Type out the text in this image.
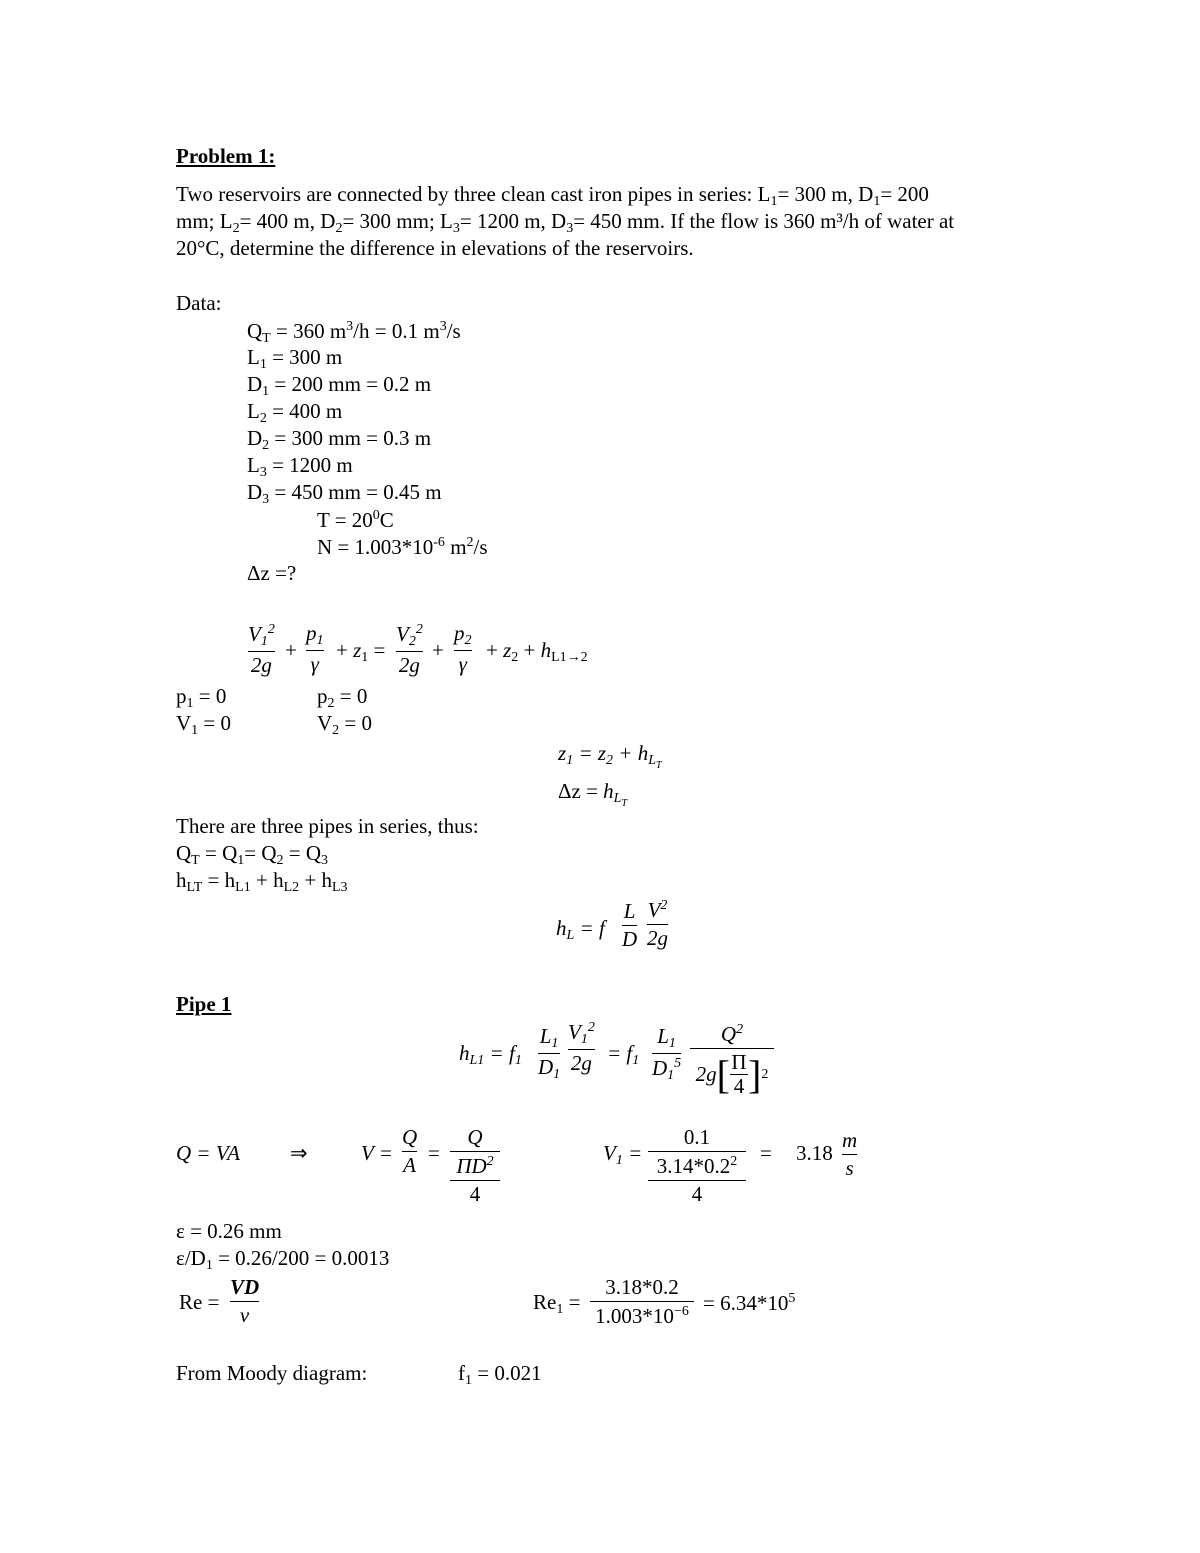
Problem 1:
Two reservoirs are connected by three clean cast iron pipes in series: $L_1= 300$ m, $D_1= 200$
mm; $L_2= 400$ m, $D_2= 300$ mm; $L_3= 1200$ m, $D_3= 450$ mm. If the flow is 360 m³/h of water at
20°C, determine the difference in elevations of the reservoirs.
Data:
$Q_T = 360$ $m^3/h = 0.1$ $m^3/s$
$L_1 = 300$ m
$D_1 = 200$ mm = 0.2 m
$L_2 = 400$ m
$D_2 = 300$ mm = 0.3 m
$L_3 = 1200$ m
$D_3 = 450$ mm = 0.45 m
$T = 20^0C$
$N = 1.003*10^{-6}$ $m^2/s$
Δz =?
$V_1^2$
2g
+
$p_1$
γ
+ $z_1$ =
$V_2^2$
2g
+
$p_2$
γ
+ $z_2 + h_{L1\to 2}$
$p_1 = 0$	$p_2 = 0$
$V_1 = 0$	$V_2 = 0$
$z_1 = z_2 + h_{L_T}$
$\Delta z = h_{L_T}$
There are three pipes in series, thus:
$Q_T = Q_1= Q_2 = Q_3$
$h_{LT} = h_{L1} + h_{L2} + h_{L3}$
$h_L = f$
L
D
$V^2$
2g
Pipe 1
$h_{L1} = f_1$
$L_1$
$D_1$
$V_1^2$
$2g = f_1$
$L_1$
$D_1^5$
$Q^2$
2g [ Π
4 ] 2
Q = VA ⇒	V =
Q
A
=
Q
$\Pi D^2$
4
$V_1$ =
0.1
$3.14*0.2^2$
4
= 3.18
m
s
ε = 0.26 mm
$\varepsilon/D_1 = 0.26/200 = 0.0013$
Re =
VD
ν
$Re_1$ =
3.18*0.2
$1.003*10^{-6} = 6.34*10^5$
From Moody diagram:	$f_1 = 0.021$
